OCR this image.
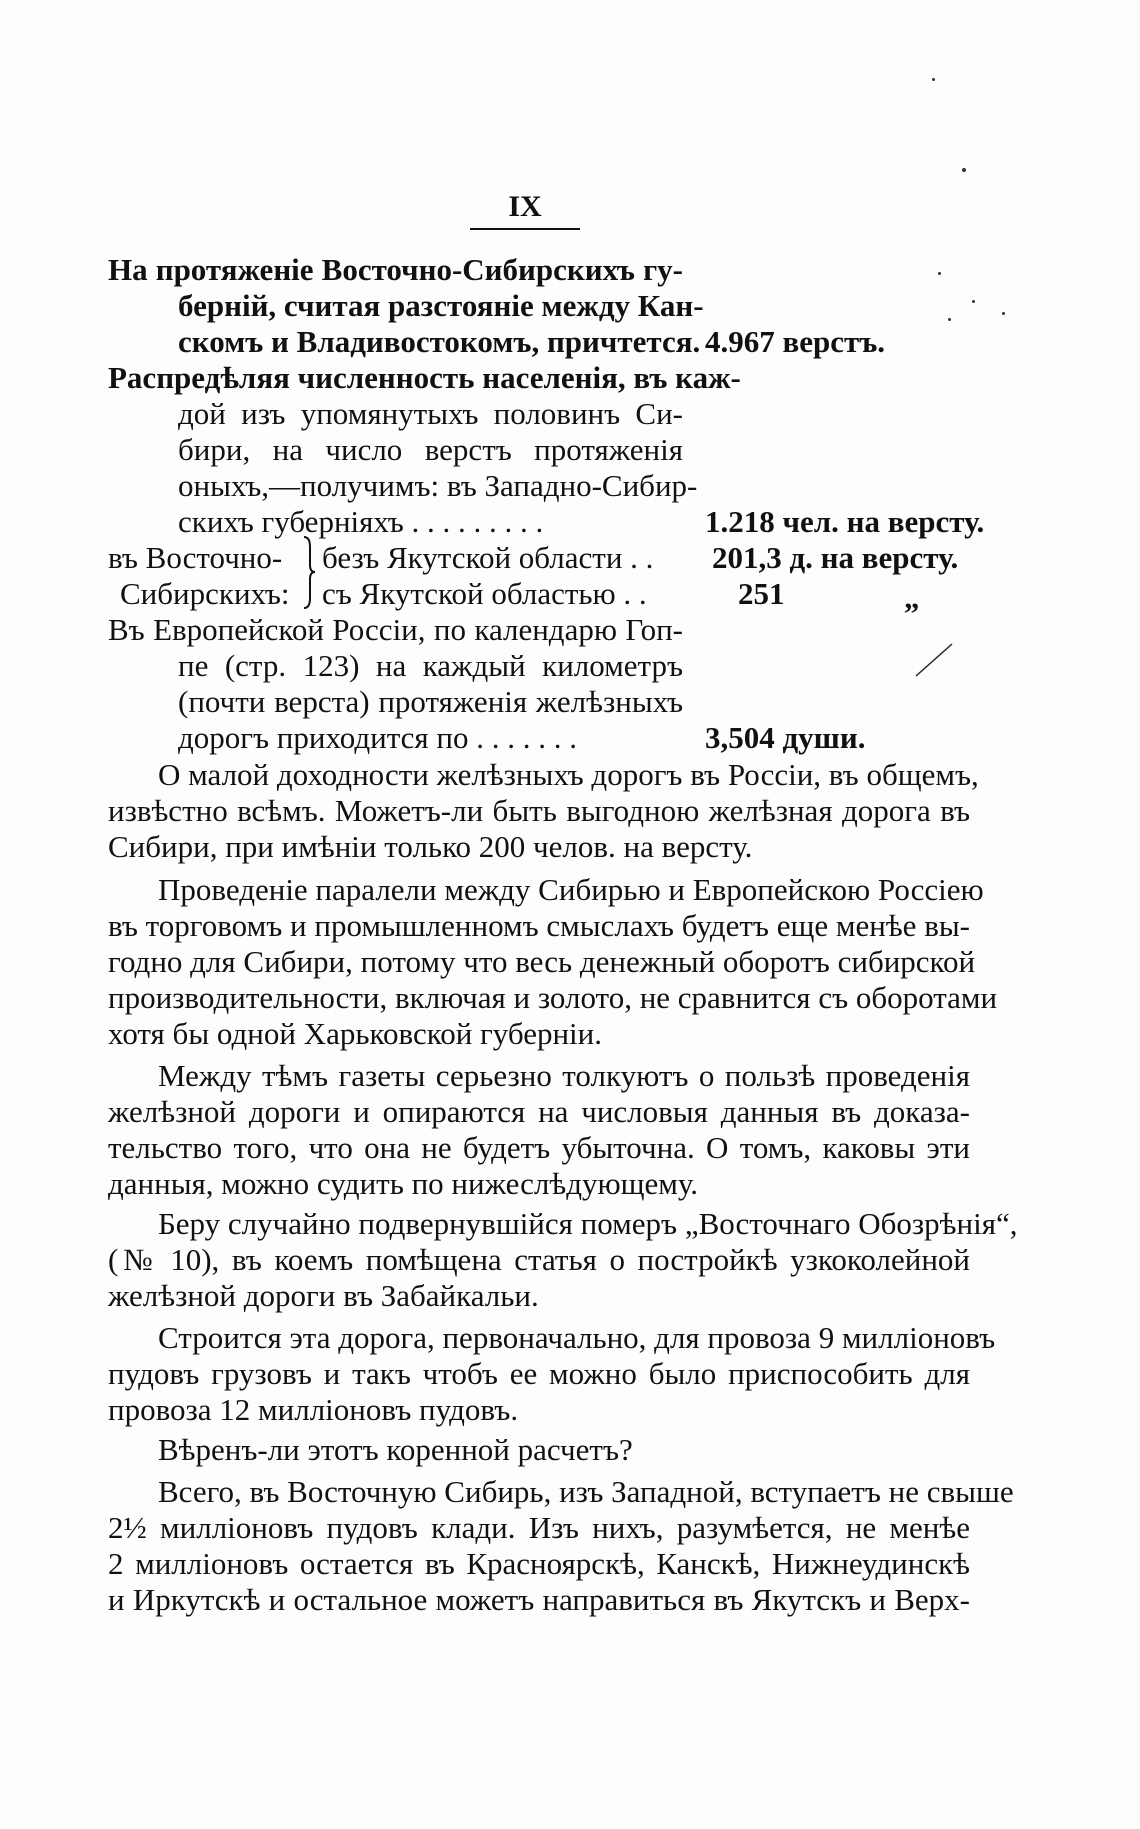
IX
На протяженіе Восточно-Сибирскихъ гу-
берній, считая разстояніе между Кан-
скомъ и Владивостокомъ, причтется. 4.967 верстъ.
Распредѣляя численность населенія, въ каж-
дой изъ упомянутыхъ половинъ Си-
бири, на число верстъ протяженія
оныхъ,—получимъ: въ Западно-Сибир-
скихъ губерніяхъ . . . . . . . . .	1.218 чел. на версту.
въ Восточно-
Сибирскихъ:
безъ Якутской области . . 201,3 д. на версту.
съ Якутской областью . .	251	„
Въ Европейской Россіи, по календарю Гоп-
пе (стр. 123) на каждый километръ
(почти верста) протяженія желѣзныхъ
дорогъ приходится по . . . . . . .	3,504 души.
О малой доходности желѣзныхъ дорогъ въ Россіи, въ общемъ,
извѣстно всѣмъ. Можетъ-ли быть выгодною желѣзная дорога въ
Сибири, при имѣніи только 200 челов. на версту.
Проведеніе паралели между Сибирью и Европейскою Россіею
въ торговомъ и промышленномъ смыслахъ будетъ еще менѣе вы-
годно для Сибири, потому что весь денежный оборотъ сибирской
производительности, включая и золото, не сравнится съ оборотами
хотя бы одной Харьковской губерніи.
Между тѣмъ газеты серьезно толкуютъ о пользѣ проведенія
желѣзной дороги и опираются на числовыя данныя въ доказа-
тельство того, что она не будетъ убыточна. О томъ, каковы эти
данныя, можно судить по нижеслѣдующему.
Беру случайно подвернувшійся померъ „Восточнаго Обозрѣнія“,
(№ 10), въ коемъ помѣщена статья о постройкѣ узкоколейной
желѣзной дороги въ Забайкальи.
Строится эта дорога, первоначально, для провоза 9 милліоновъ
пудовъ грузовъ и такъ чтобъ ее можно было приспособить для
провоза 12 милліоновъ пудовъ.
Вѣренъ-ли этотъ коренной расчетъ?
Всего, въ Восточную Сибирь, изъ Западной, вступаетъ не свыше
2½ милліоновъ пудовъ клади. Изъ нихъ, разумѣется, не менѣе
2 милліоновъ остается въ Красноярскѣ, Канскѣ, Нижнеудинскѣ
и Иркутскѣ и остальное можетъ направиться въ Якутскъ и Верх-
